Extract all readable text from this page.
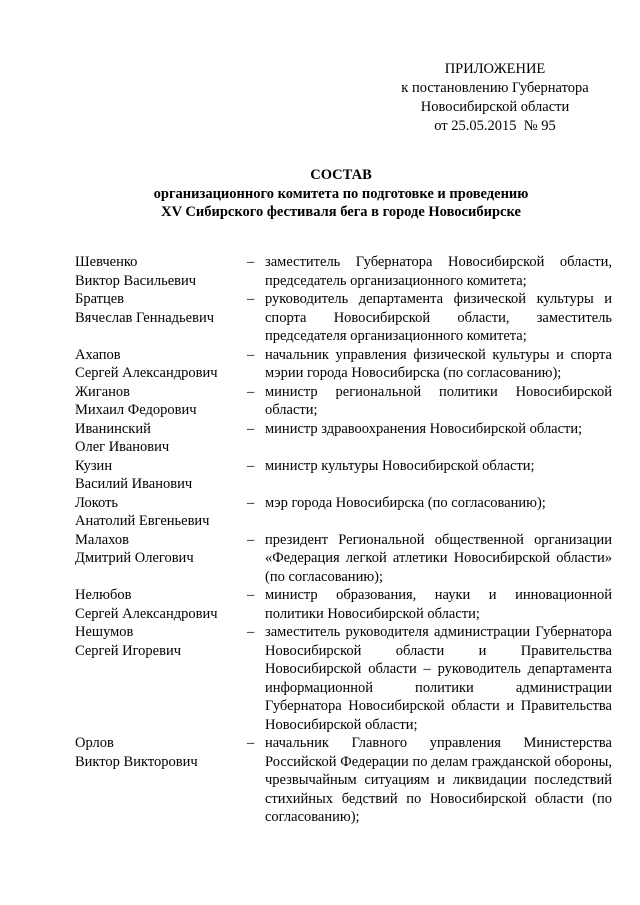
ПРИЛОЖЕНИЕ
к постановлению Губернатора
Новосибирской области
от 25.05.2015  № 95
СОСТАВ
организационного комитета по подготовке и проведению
XV Сибирского фестиваля бега в городе Новосибирске
Шевченко
Виктор Васильевич
– заместитель Губернатора Новосибирской области, председатель организационного комитета;
Братцев
Вячеслав Геннадьевич
– руководитель департамента физической культуры и спорта Новосибирской области, заместитель председателя организационного комитета;
Ахапов
Сергей Александрович
– начальник управления физической культуры и спорта мэрии города Новосибирска (по согласованию);
Жиганов
Михаил Федорович
– министр региональной политики Новосибирской области;
Иванинский
Олег Иванович
– министр здравоохранения Новосибирской области;
Кузин
Василий Иванович
– министр культуры Новосибирской области;
Локоть
Анатолий Евгеньевич
– мэр города Новосибирска (по согласованию);
Малахов
Дмитрий Олегович
– президент Региональной общественной организации «Федерация легкой атлетики Новосибирской области» (по согласованию);
Нелюбов
Сергей Александрович
– министр образования, науки и инновационной политики Новосибирской области;
Нешумов
Сергей Игоревич
– заместитель руководителя администрации Губернатора Новосибирской области и Правительства Новосибирской области – руководитель департамента информационной политики администрации Губернатора Новосибирской области и Правительства Новосибирской области;
Орлов
Виктор Викторович
– начальник Главного управления Министерства Российской Федерации по делам гражданской обороны, чрезвычайным ситуациям и ликвидации последствий стихийных бедствий по Новосибирской области (по согласованию);
